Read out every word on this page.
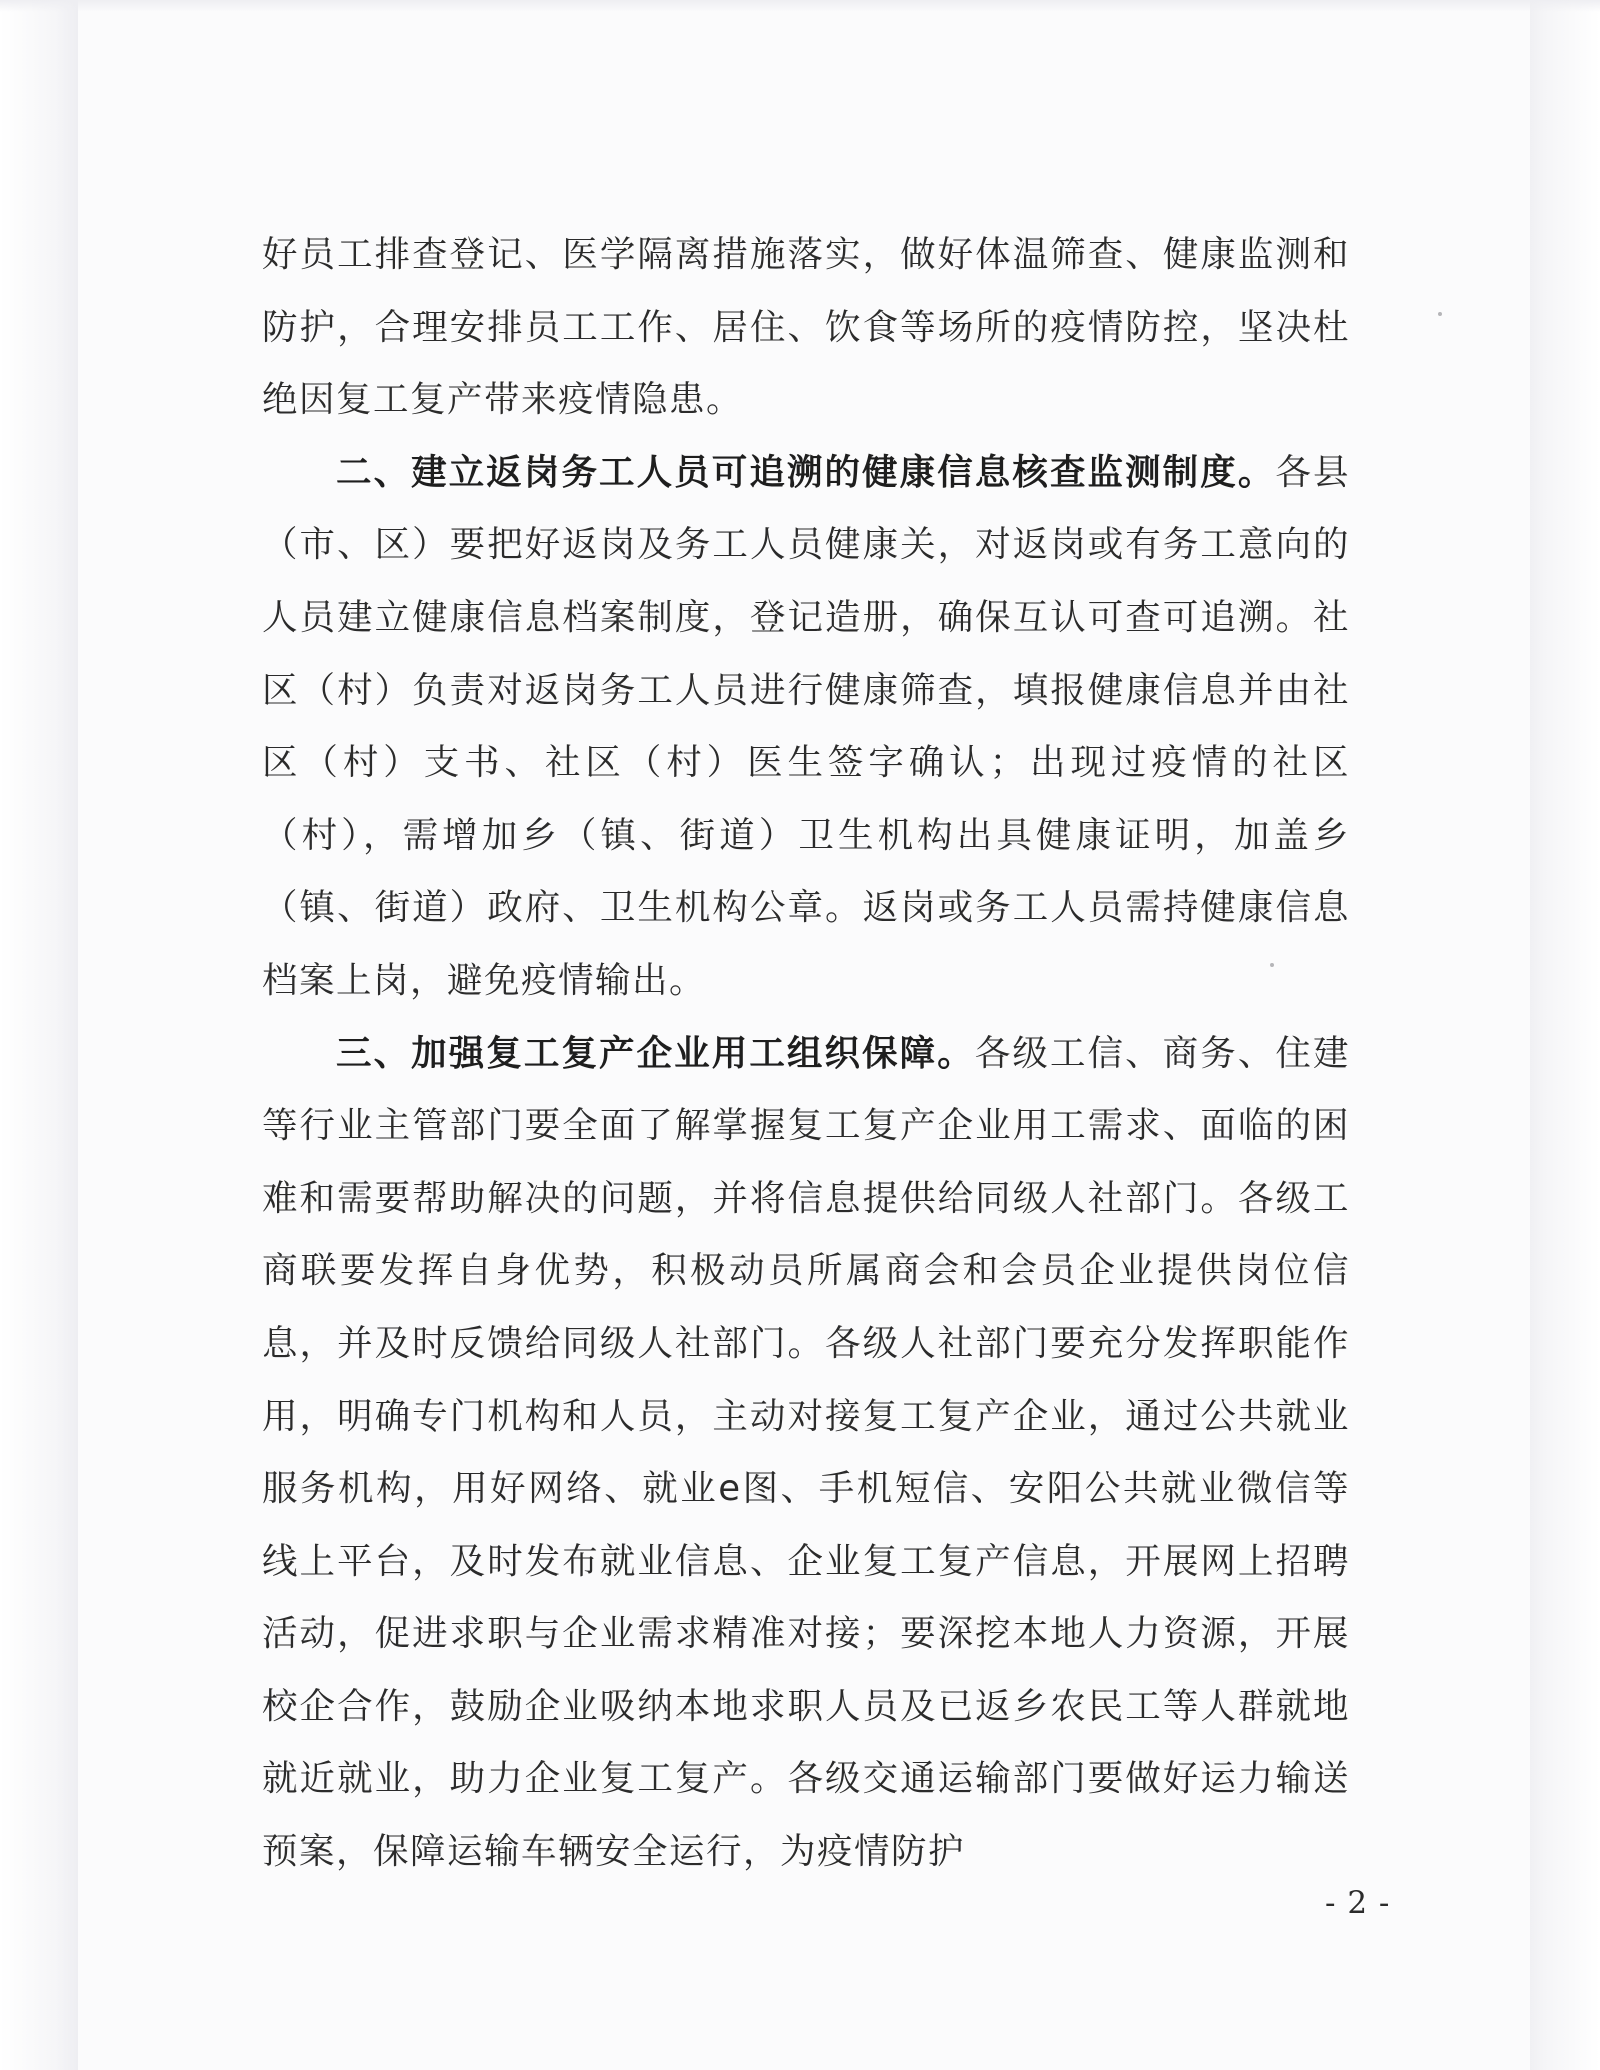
好员工排查登记、医学隔离措施落实，做好体温筛查、健康监测和防护，合理安排员工工作、居住、饮食等场所的疫情防控，坚决杜绝因复工复产带来疫情隐患。

二、建立返岗务工人员可追溯的健康信息核查监测制度。各县（市、区）要把好返岗及务工人员健康关，对返岗或有务工意向的人员建立健康信息档案制度，登记造册，确保互认可查可追溯。社区（村）负责对返岗务工人员进行健康筛查，填报健康信息并由社区（村）支书、社区（村）医生签字确认；出现过疫情的社区（村），需增加乡（镇、街道）卫生机构出具健康证明，加盖乡（镇、街道）政府、卫生机构公章。返岗或务工人员需持健康信息档案上岗，避免疫情输出。

三、加强复工复产企业用工组织保障。各级工信、商务、住建等行业主管部门要全面了解掌握复工复产企业用工需求、面临的困难和需要帮助解决的问题，并将信息提供给同级人社部门。各级工商联要发挥自身优势，积极动员所属商会和会员企业提供岗位信息，并及时反馈给同级人社部门。各级人社部门要充分发挥职能作用，明确专门机构和人员，主动对接复工复产企业，通过公共就业服务机构，用好网络、就业e图、手机短信、安阳公共就业微信等线上平台，及时发布就业信息、企业复工复产信息，开展网上招聘活动，促进求职与企业需求精准对接；要深挖本地人力资源，开展校企合作，鼓励企业吸纳本地求职人员及已返乡农民工等人群就地就近就业，助力企业复工复产。各级交通运输部门要做好运力输送预案，保障运输车辆安全运行，为疫情防护

- 2 -
